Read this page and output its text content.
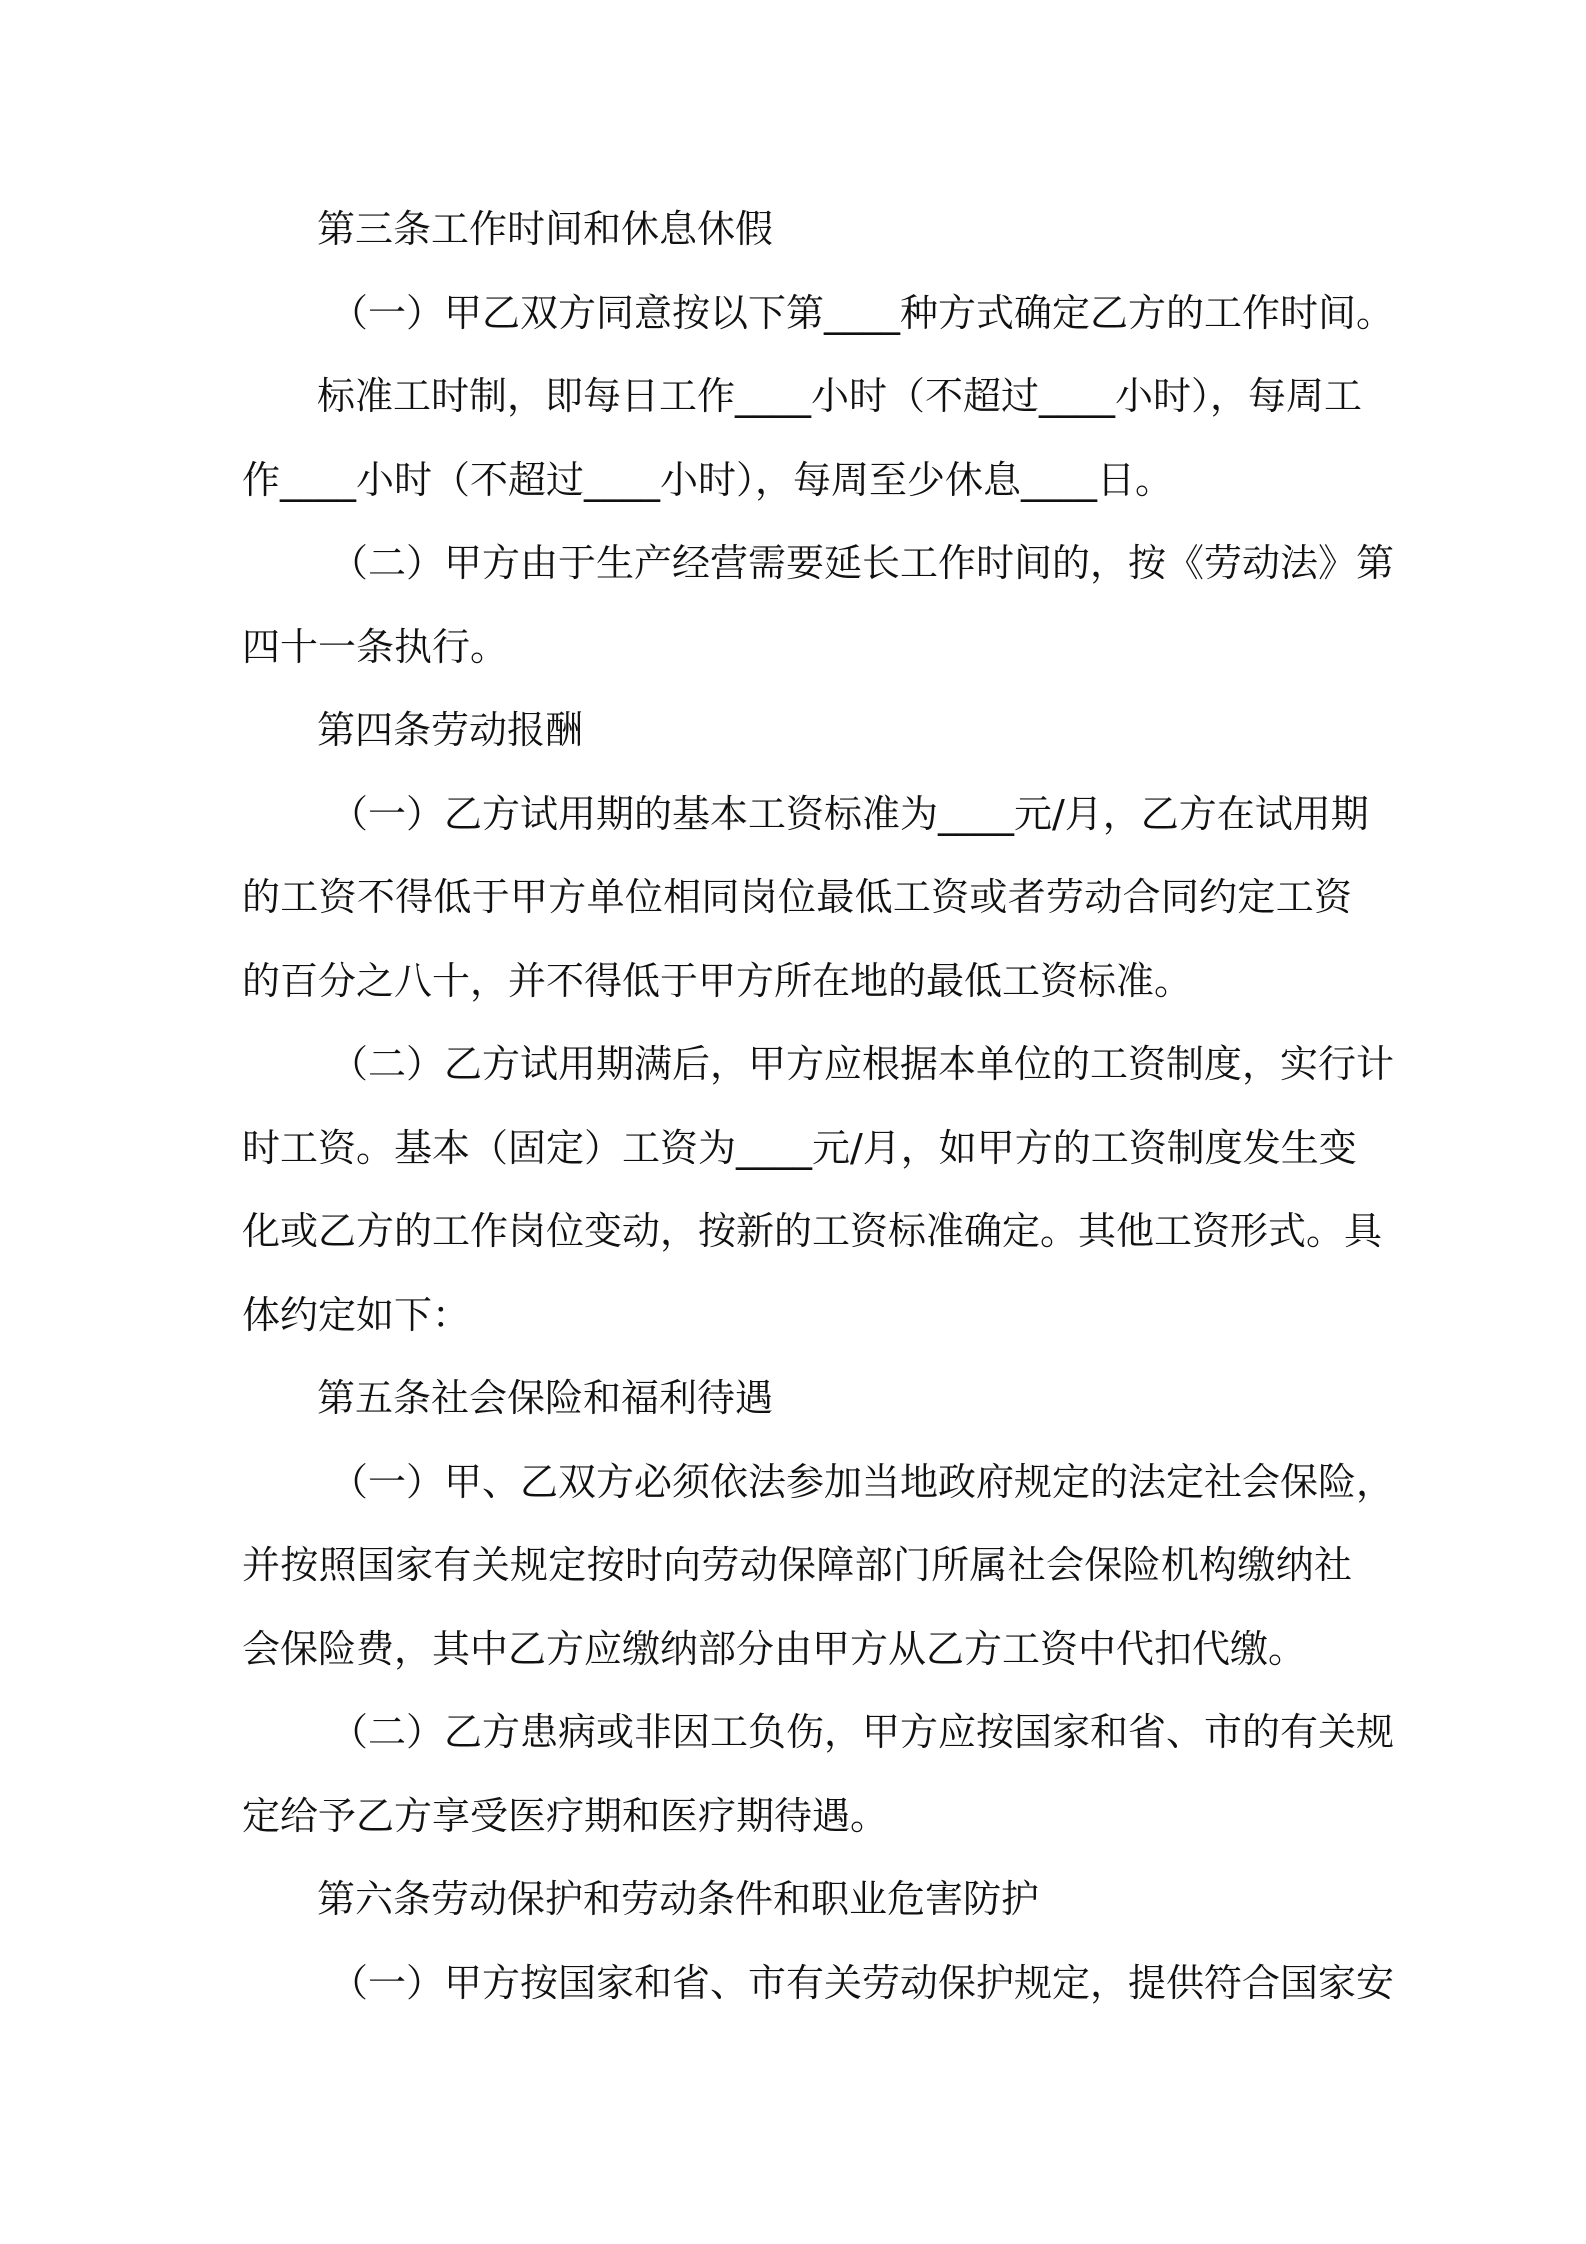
第三条工作时间和休息休假
（一）甲乙双方同意按以下第____种方式确定乙方的工作时间。
标准工时制，即每日工作____小时（不超过____小时），每周工
作____小时（不超过____小时），每周至少休息____日。
（二）甲方由于生产经营需要延长工作时间的，按《劳动法》第
四十一条执行。
第四条劳动报酬
（一）乙方试用期的基本工资标准为____元/月，乙方在试用期
的工资不得低于甲方单位相同岗位最低工资或者劳动合同约定工资
的百分之八十，并不得低于甲方所在地的最低工资标准。
（二）乙方试用期满后，甲方应根据本单位的工资制度，实行计
时工资。基本（固定）工资为____元/月，如甲方的工资制度发生变
化或乙方的工作岗位变动，按新的工资标准确定。其他工资形式。具
体约定如下：
第五条社会保险和福利待遇
（一）甲、乙双方必须依法参加当地政府规定的法定社会保险，
并按照国家有关规定按时向劳动保障部门所属社会保险机构缴纳社
会保险费，其中乙方应缴纳部分由甲方从乙方工资中代扣代缴。
（二）乙方患病或非因工负伤，甲方应按国家和省、市的有关规
定给予乙方享受医疗期和医疗期待遇。
第六条劳动保护和劳动条件和职业危害防护
（一）甲方按国家和省、市有关劳动保护规定，提供符合国家安
